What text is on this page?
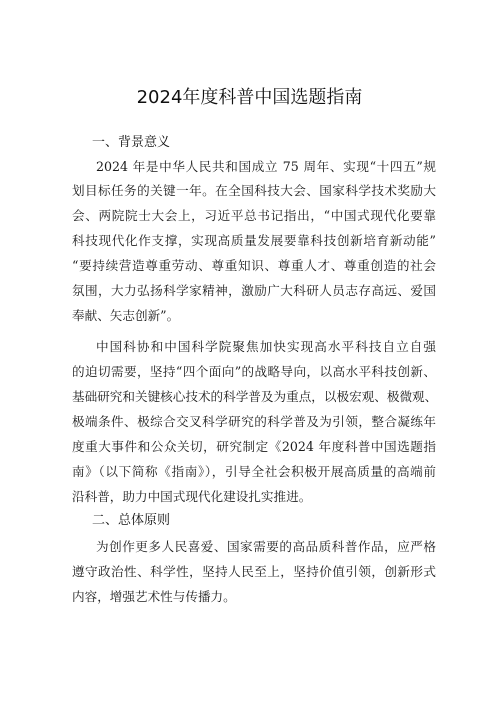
2024年度科普中国选题指南
一、背景意义
2024 年是中华人民共和国成立 75 周年、实现“十四五”规
划目标任务的关键一年。在全国科技大会、国家科学技术奖励大
会、两院院士大会上，习近平总书记指出，“中国式现代化要靠
科技现代化作支撑，实现高质量发展要靠科技创新培育新动能”
“要持续营造尊重劳动、尊重知识、尊重人才、尊重创造的社会
氛围，大力弘扬科学家精神，激励广大科研人员志存高远、爱国
奉献、矢志创新”。
中国科协和中国科学院聚焦加快实现高水平科技自立自强
的迫切需要，坚持“四个面向”的战略导向，以高水平科技创新、
基础研究和关键核心技术的科学普及为重点，以极宏观、极微观、
极端条件、极综合交叉科学研究的科学普及为引领，整合凝练年
度重大事件和公众关切，研究制定《2024 年度科普中国选题指
南》（以下简称《指南》），引导全社会积极开展高质量的高端前
沿科普，助力中国式现代化建设扎实推进。
二、总体原则
为创作更多人民喜爱、国家需要的高品质科普作品，应严格
遵守政治性、科学性，坚持人民至上，坚持价值引领，创新形式
内容，增强艺术性与传播力。
